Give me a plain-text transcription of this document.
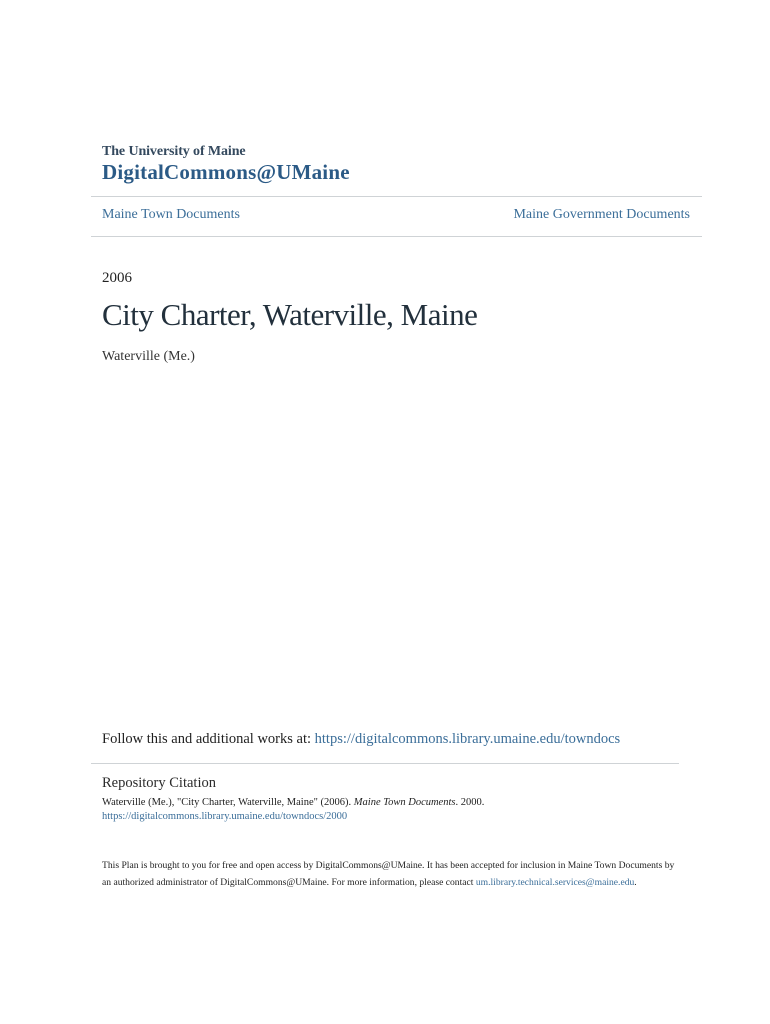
The University of Maine
DigitalCommons@UMaine
Maine Town Documents	Maine Government Documents
2006
City Charter, Waterville, Maine
Waterville (Me.)
Follow this and additional works at: https://digitalcommons.library.umaine.edu/towndocs
Repository Citation
Waterville (Me.), "City Charter, Waterville, Maine" (2006). Maine Town Documents. 2000.
https://digitalcommons.library.umaine.edu/towndocs/2000
This Plan is brought to you for free and open access by DigitalCommons@UMaine. It has been accepted for inclusion in Maine Town Documents by an authorized administrator of DigitalCommons@UMaine. For more information, please contact um.library.technical.services@maine.edu.
